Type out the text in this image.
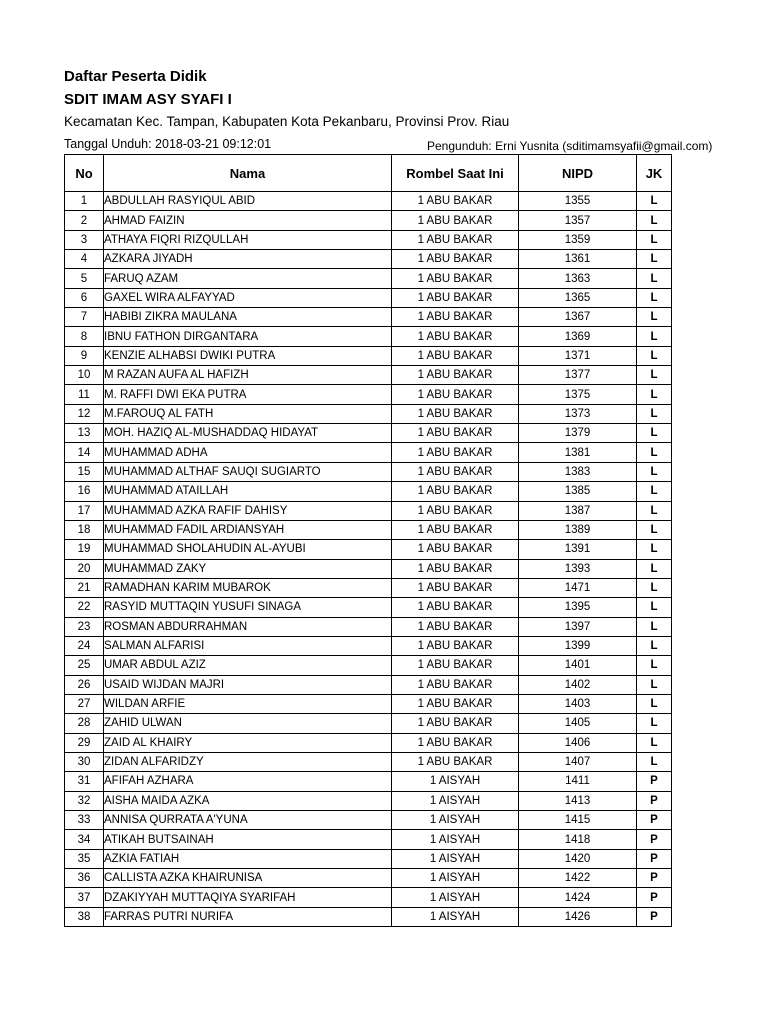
Daftar Peserta Didik
SDIT IMAM ASY SYAFI I
Kecamatan Kec. Tampan, Kabupaten Kota Pekanbaru, Provinsi Prov. Riau
Tanggal Unduh: 2018-03-21 09:12:01	Pengunduh: Erni Yusnita (sditimamsyafii@gmail.com)
No	Nama	Rombel Saat Ini	NIPD	JK
1	ABDULLAH RASYIQUL ABID	1 ABU BAKAR	1355	L
2	AHMAD FAIZIN	1 ABU BAKAR	1357	L
3	ATHAYA FIQRI RIZQULLAH	1 ABU BAKAR	1359	L
4	AZKARA JIYADH	1 ABU BAKAR	1361	L
5	FARUQ AZAM	1 ABU BAKAR	1363	L
6	GAXEL WIRA ALFAYYAD	1 ABU BAKAR	1365	L
7	HABIBI ZIKRA MAULANA	1 ABU BAKAR	1367	L
8	IBNU FATHON DIRGANTARA	1 ABU BAKAR	1369	L
9	KENZIE ALHABSI DWIKI PUTRA	1 ABU BAKAR	1371	L
10	M RAZAN AUFA AL HAFIZH	1 ABU BAKAR	1377	L
11	M. RAFFI DWI EKA PUTRA	1 ABU BAKAR	1375	L
12	M.FAROUQ AL FATH	1 ABU BAKAR	1373	L
13	MOH. HAZIQ AL-MUSHADDAQ HIDAYAT	1 ABU BAKAR	1379	L
14	MUHAMMAD ADHA	1 ABU BAKAR	1381	L
15	MUHAMMAD ALTHAF SAUQI SUGIARTO	1 ABU BAKAR	1383	L
16	MUHAMMAD ATAILLAH	1 ABU BAKAR	1385	L
17	MUHAMMAD AZKA RAFIF DAHISY	1 ABU BAKAR	1387	L
18	MUHAMMAD FADIL ARDIANSYAH	1 ABU BAKAR	1389	L
19	MUHAMMAD SHOLAHUDIN AL-AYUBI	1 ABU BAKAR	1391	L
20	MUHAMMAD ZAKY	1 ABU BAKAR	1393	L
21	RAMADHAN KARIM MUBAROK	1 ABU BAKAR	1471	L
22	RASYID MUTTAQIN YUSUFI SINAGA	1 ABU BAKAR	1395	L
23	ROSMAN ABDURRAHMAN	1 ABU BAKAR	1397	L
24	SALMAN ALFARISI	1 ABU BAKAR	1399	L
25	UMAR ABDUL AZIZ	1 ABU BAKAR	1401	L
26	USAID WIJDAN MAJRI	1 ABU BAKAR	1402	L
27	WILDAN ARFIE	1 ABU BAKAR	1403	L
28	ZAHID ULWAN	1 ABU BAKAR	1405	L
29	ZAID AL KHAIRY	1 ABU BAKAR	1406	L
30	ZIDAN ALFARIDZY	1 ABU BAKAR	1407	L
31	AFIFAH AZHARA	1 AISYAH	1411	P
32	AISHA MAIDA AZKA	1 AISYAH	1413	P
33	ANNISA QURRATA A'YUNA	1 AISYAH	1415	P
34	ATIKAH BUTSAINAH	1 AISYAH	1418	P
35	AZKIA FATIAH	1 AISYAH	1420	P
36	CALLISTA AZKA KHAIRUNISA	1 AISYAH	1422	P
37	DZAKIYYAH MUTTAQIYA SYARIFAH	1 AISYAH	1424	P
38	FARRAS PUTRI NURIFA	1 AISYAH	1426	P
